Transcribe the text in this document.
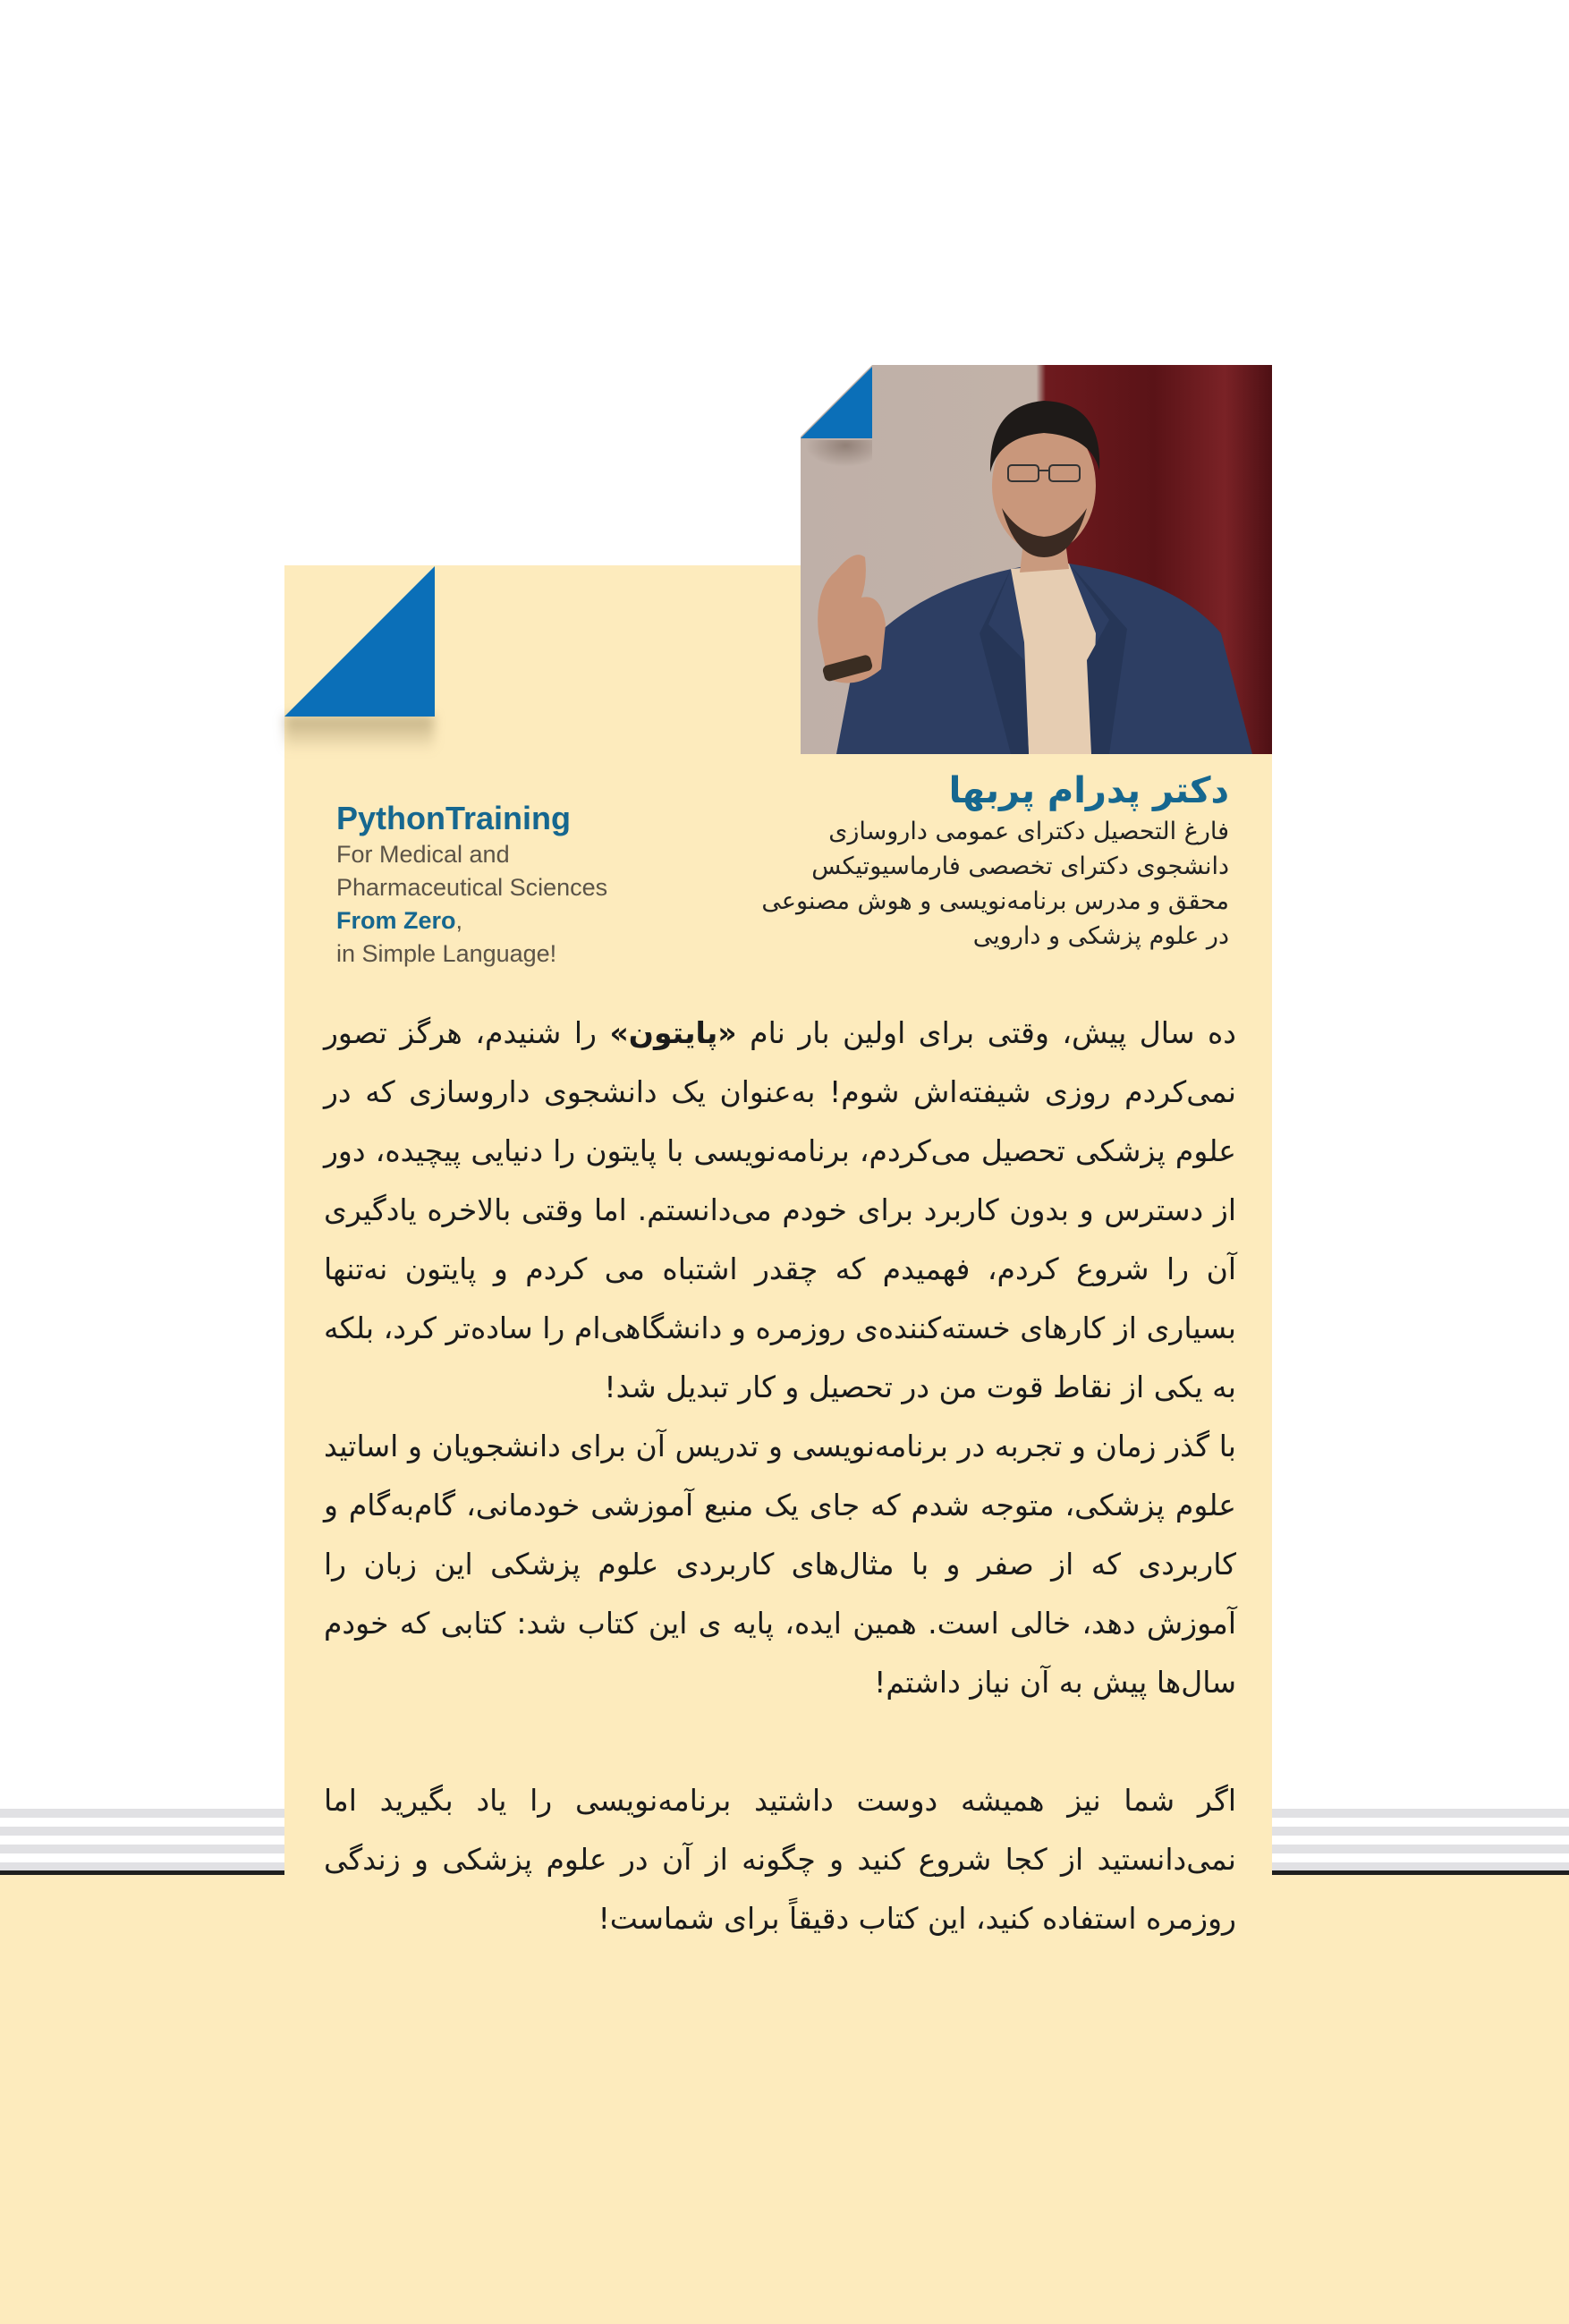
دکتر پدرام پربها

فارغ التحصیل دکترای عمومی داروسازی

دانشجوی دکترای تخصصی فارماسیوتیکس

محقق و مدرس برنامه‌نویسی و هوش مصنوعی

در علوم پزشکی و دارویی

PythonTraining
For Medical and
Pharmaceutical Sciences
From Zero,
in Simple Language!

ده سال پیش، وقتی برای اولین بار نام «پایتون» را شنیدم، هرگز تصور نمی‌کردم روزی شیفته‌اش شوم! به‌عنوان یک دانشجوی داروسازی که در علوم پزشکی تحصیل می‌کردم، برنامه‌نویسی با پایتون را دنیایی پیچیده، دور از دسترس و بدون کاربرد برای خودم می‌دانستم. اما وقتی بالاخره یادگیری آن را شروع کردم، فهمیدم که چقدر اشتباه می کردم و پایتون نه‌تنها بسیاری از کارهای خسته‌کننده‌ی روزمره و دانشگاهی‌ام را ساده‌تر کرد، بلکه به یکی از نقاط قوت من در تحصیل و کار تبدیل شد!

با گذر زمان و تجربه در برنامه‌نویسی و تدریس آن برای دانشجویان و اساتید علوم پزشکی، متوجه شدم که جای یک منبع آموزشی خودمانی، گام‌به‌گام و کاربردی که از صفر و با مثال‌های کاربردی علوم پزشکی این زبان را آموزش دهد، خالی است. همین ایده، پایه ی این کتاب شد: کتابی که خودم سال‌ها پیش به آن نیاز داشتم!

اگر شما نیز همیشه دوست داشتید برنامه‌نویسی را یاد بگیرید اما نمی‌دانستید از کجا شروع کنید و چگونه از آن در علوم پزشکی و زندگی روزمره استفاده کنید، این کتاب دقیقاً برای شماست!
